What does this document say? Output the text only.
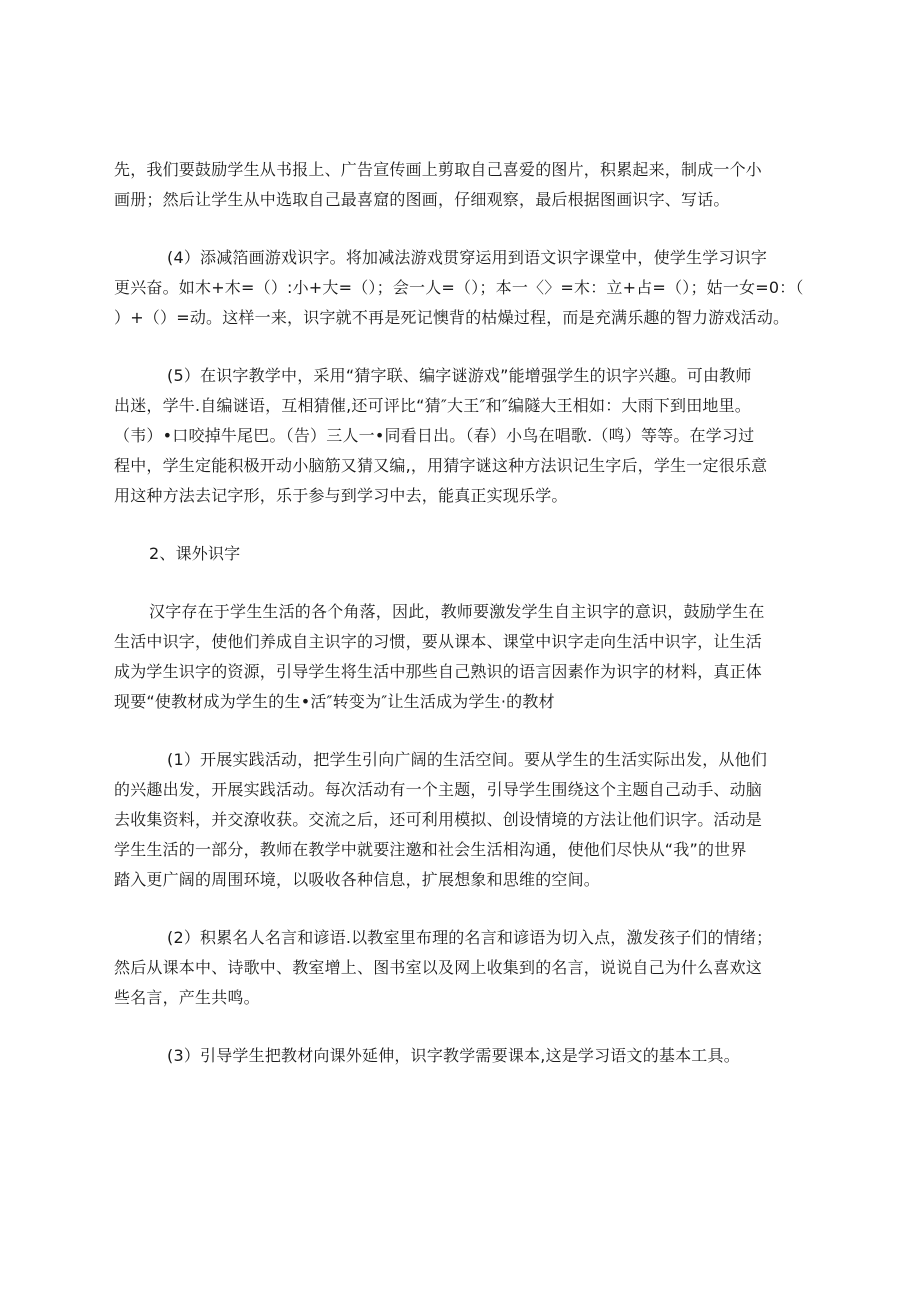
先，我们要鼓励学生从书报上、广告宣传画上剪取自己喜爱的图片，积累起来，制成一个小
画册；然后让学生从中选取自己最喜窟的图画，仔细观察，最后根据图画识字、写话。

(4）添减箔画游戏识字。将加减法游戏贯穿运用到语文识字课堂中，使学生学习识字
更兴奋。如木+木=（）:小+大=（）；会一人=（）；本一〈〉=木：立+占=（）；姑一女=0：（
）+（）=动。这样一来，识字就不再是死记懊背的枯燥过程，而是充满乐趣的智力游戏活动。

(5）在识字教学中，采用“猜字联、编字谜游戏”能增强学生的识字兴趣。可由教师
出迷，学牛.自编谜语，互相猜催,还可评比“猜″大王″和″编隧大王相如：大雨下到田地里。
（韦）•口咬掉牛尾巴。（告）三人一•同看日出。（春）小鸟在唱歌.（鸣）等等。在学习过
程中，学生定能积极开动小脑筋又猜又编,，用猜字谜这种方法识记生字后，学生一定很乐意
用这种方法去记字形，乐于参与到学习中去，能真正实现乐学。

2、课外识字

汉字存在于学生生活的各个角落，因此，教师要激发学生自主识字的意识，鼓励学生在
生活中识字，使他们养成自主识字的习惯，要从课本、课堂中识字走向生活中识字，让生活
成为学生识字的资源，引导学生将生活中那些自己熟识的语言因素作为识字的材料，真正体
现要“使教材成为学生的生•活″转变为″让生活成为学生·的教材

(1）开展实践活动，把学生引向广阔的生活空间。要从学生的生活实际出发，从他们
的兴趣出发，开展实践活动。每次活动有一个主题，引导学生围绕这个主题自己动手、动脑
去收集资料，并交潦收获。交流之后，还可利用模拟、创设情境的方法让他们识字。活动是
学生生活的一部分，教师在教学中就要注邀和社会生活相沟通，使他们尽快从“我”的世界
踏入更广阔的周围环境，以吸收各种信息，扩展想象和思维的空间。

(2）积累名人名言和谚语.以教室里布理的名言和谚语为切入点，激发孩子们的情绪；
然后从课本中、诗歌中、教室增上、图书室以及网上收集到的名言，说说自己为什么喜欢这
些名言，产生共鸣。

(3）引导学生把教材向课外延伸，识字教学需要课本,这是学习语文的基本工具。
